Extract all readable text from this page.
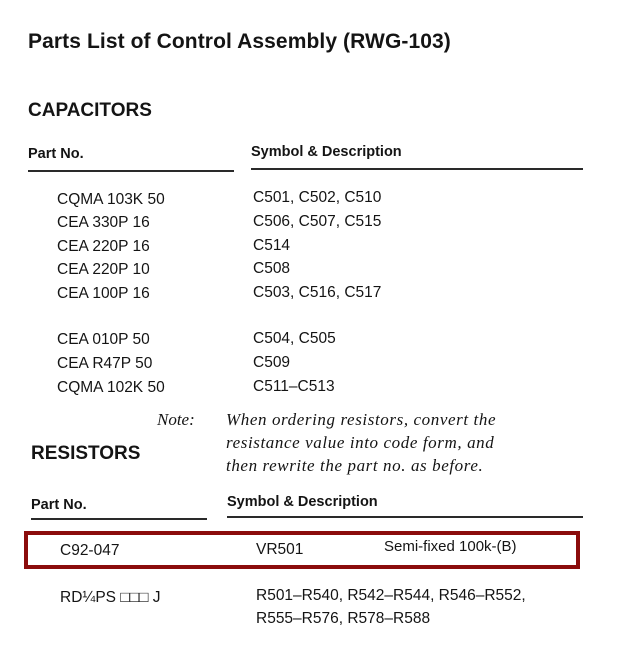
Parts List of Control Assembly (RWG-103)
CAPACITORS
Part No.	Symbol & Description
CQMA 103K 50	C501, C502, C510
CEA 330P 16	C506, C507, C515
CEA 220P 16	C514
CEA 220P 10	C508
CEA 100P 16	C503, C516, C517
CEA 010P 50	C504, C505
CEA R47P 50	C509
CQMA 102K 50	C511–C513
Note: When ordering resistors, convert the
resistance value into code form, and
then rewrite the part no. as before.
RESISTORS
Part No.	Symbol & Description
C92-047	VR501	Semi-fixed 100k-(B)
RD¼PS □□□ J	R501–R540, R542–R544, R546–R552,
R555–R576, R578–R588
